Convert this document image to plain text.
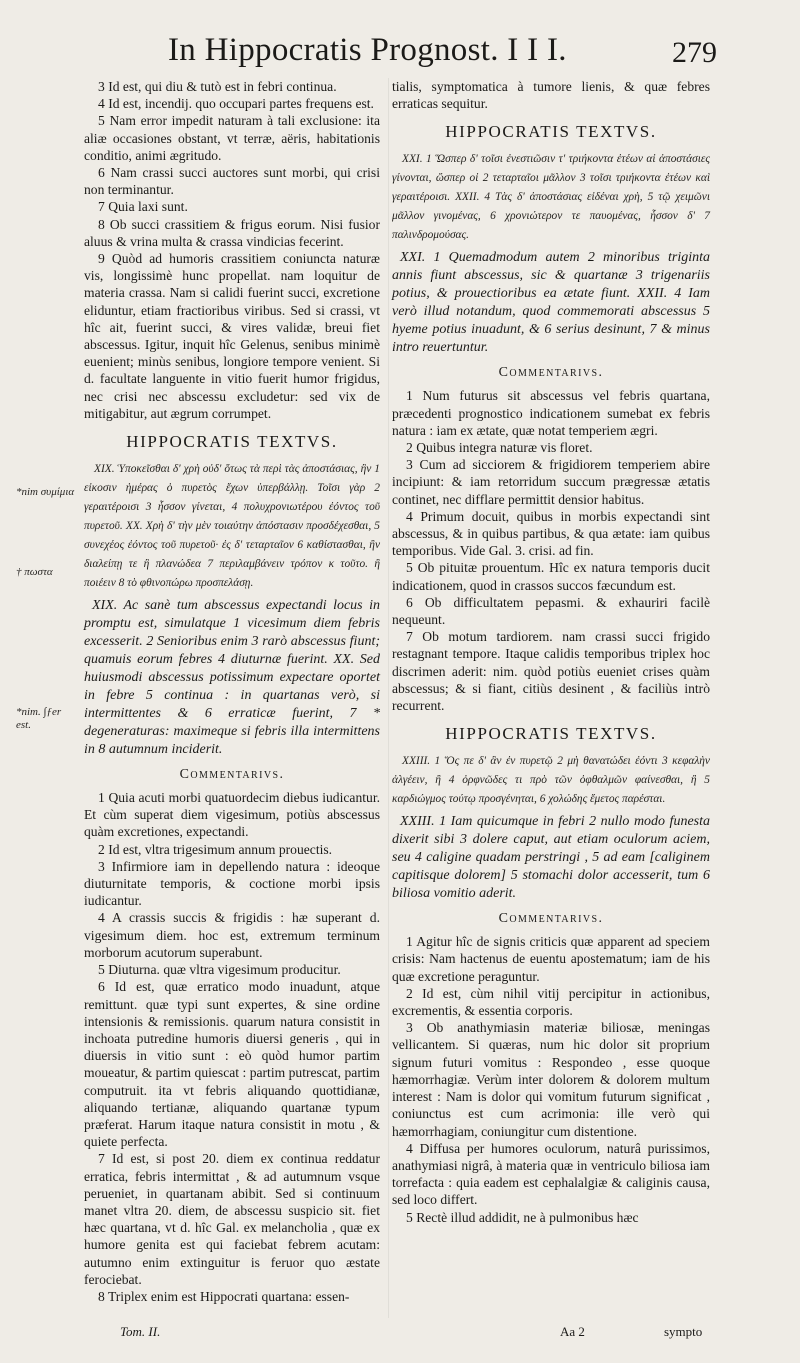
In Hippocratis Prognost. I I I.	279
*nim συμίμια
† πωστα
*nim. ∫ƒer est.

3 Id est, qui diu & tutò est in febri continua.

4 Id est, incendij. quo occupari partes frequens est.

5 Nam error impedit naturam à tali exclusione: ita aliæ occasiones obstant, vt terræ, aëris, habitationis conditio, animi ægritudo.

6 Nam crassi succi auctores sunt morbi, qui crisi non terminantur.

7 Quia laxi sunt.

8 Ob succi crassitiem & frigus eorum. Nisi fusior aluus & vrina multa & crassa vindicias fecerint.

9 Quòd ad humoris crassitiem coniuncta naturæ vis, longissimè hunc propellat. nam loquitur de materia crassa. Nam si calidi fuerint succi, excretione eliduntur, etiam fractioribus viribus. Sed si crassi, vt hîc ait, fuerint succi, & vires validæ, breui fiet abscessus. Igitur, inquit hîc Gelenus, senibus minimè euenient; minùs senibus, longiore tempore venient. Si d. facultate languente in vitio fuerit humor frigidus, nec crisi nec abscessu excludetur: sed vix de mitigabitur, aut ægrum corrumpet.

HIPPOCRATIS TEXTVS.

XIX. Ὑποκεῖσθαι δ' χρὴ οὐδ' ὅτως τὰ περὶ τὰς ἀποστάσιας, ἢν 1 εἰκοσιν ἡμέρας ὁ πυρετὸς ἔχων ὑπερβάλλῃ. Τοῖσι γὰρ 2 γεραιτέροισι 3 ἧσσον γίνεται, 4 πολυχρονιωτέρου ἐόντος τοῦ πυρετοῦ. XX. Χρὴ δ' τὴν μὲν τοιαύτην ἀπόστασιν προσδέχεσθαι, 5 συνεχέος ἐόντος τοῦ πυρετοῦ· ἐς δ' τεταρταῖον 6 καθίστασθαι, ἢν διαλείπῃ τε ἢ πλανώδεα 7 περιλαμβάνειν τρόπον κ τοῦτο. ἢ ποιέειν 8 τὸ φθινοπώρω προσπελάσῃ.

XIX. Ac sanè tum abscessus expectandi locus in promptu est, simulatque 1 vicesimum diem febris excesserit. 2 Senioribus enim 3 rarò abscessus fiunt; quamuis eorum febres 4 diuturnæ fuerint. XX. Sed huiusmodi abscessus potissimum expectare oportet in febre 5 continua : in quartanas verò, si intermittentes & 6 erraticæ fuerint, 7 * degeneraturas: maximeque si febris illa intermittens in 8 autumnum inciderit.

Commentarivs.

1 Quia acuti morbi quatuordecim diebus iudicantur. Et cùm superat diem vigesimum, potiùs abscessus quàm excretiones, expectandi.

2 Id est, vltra trigesimum annum prouectis.

3 Infirmiore iam in depellendo natura : ideoque diuturnitate temporis, & coctione morbi ipsis iudicantur.

4 A crassis succis & frigidis : hæ superant d. vigesimum diem. hoc est, extremum terminum morborum acutorum superabunt.

5 Diuturna. quæ vltra vigesimum producitur.

6 Id est, quæ erratico modo inuadunt, atque remittunt. quæ typi sunt expertes, & sine ordine intensionis & remissionis. quarum natura consistit in inchoata putredine humoris diuersi generis , qui in diuersis in vitio sunt : eò quòd humor partim moueatur, & partim quiescat : partim putrescat, partim computruit. ita vt febris aliquando quottidianæ, aliquando tertianæ, aliquando quartanæ typum præferat. Harum itaque natura consistit in motu , & quiete perfecta.

7 Id est, si post 20. diem ex continua reddatur erratica, febris intermittat , & ad autumnum vsque perueniet, in quartanam abibit. Sed si continuum manet vltra 20. diem, de abscessu suspicio sit. fiet hæc quartana, vt d. hîc Gal. ex melancholia , quæ ex humore genita est qui faciebat febrem acutam: autumno enim extinguitur is feruor quo æstate ferociebat.

8 Triplex enim est Hippocrati quartana: essen-

tialis, symptomatica à tumore lienis, & quæ febres erraticas sequitur.

HIPPOCRATIS TEXTVS.

XXI. 1 Ὥσπερ δ' τοῖσι ἐνεστιῶσιν τ' τριήκοντα ἐτέων αἱ ἀποστάσιες γίνονται, ὥσπερ οἱ 2 τεταρταῖοι μᾶλλον 3 τοῖσι τριήκοντα ἐτέων καὶ γεραιτέροισι. XXII. 4 Τὰς δ' ἀποστάσιας εἰδέναι χρὴ, 5 τῷ χειμῶνι μᾶλλον γινομένας, 6 χρονιώτερον τε παυομένας, ἧσσον δ' 7 παλινδρομούσας.

XXI. 1 Quemadmodum autem 2 minoribus triginta annis fiunt abscessus, sic & quartanæ 3 trigenariis potius, & prouectioribus ea ætate fiunt. XXII. 4 Iam verò illud notandum, quod commemorati abscessus 5 hyeme potius inuadunt, & 6 serius desinunt, 7 & minus intro reuertuntur.

Commentarivs.

1 Num futurus sit abscessus vel febris quartana, præcedenti prognostico indicationem sumebat ex febris natura : iam ex ætate, quæ notat temperiem ægri.

2 Quibus integra naturæ vis floret.

3 Cum ad sicciorem & frigidiorem temperiem abire incipiunt: & iam retorridum succum prægressæ ætatis continet, nec difflare permittit densior habitus.

4 Primum docuit, quibus in morbis expectandi sint abscessus, & in quibus partibus, & qua ætate: iam quibus temporibus. Vide Gal. 3. crisi. ad fin.

5 Ob pituitæ prouentum. Hîc ex natura temporis ducit indicationem, quod in crassos succos fæcundum est.

6 Ob difficultatem pepasmi. & exhauriri facilè nequeunt.

7 Ob motum tardiorem. nam crassi succi frigido restagnant tempore. Itaque calidis temporibus triplex hoc discrimen aderit: nim. quòd potiùs eueniet crises quàm abscessus; & si fiant, citiùs desinent , & faciliùs intrò recurrent.

HIPPOCRATIS TEXTVS.

XXIII. 1 Ὅς πε δ' ἂν ἐν πυρετῷ 2 μὴ θανατώδει ἐόντι 3 κεφαλὴν ἀλγέειν, ἢ 4 ὀρφνῶδες τι πρὸ τῶν ὀφθαλμῶν φαίνεσθαι, ἢ 5 καρδιώγμος τούτῳ προσγένηται, 6 χολώδης ἔμετος παρέσται.

XXIII. 1 Iam quicumque in febri 2 nullo modo funesta dixerit sibi 3 dolere caput, aut etiam oculorum aciem, seu 4 caligine quadam perstringi , 5 ad eam [caliginem capitisque dolorem] 5 stomachi dolor accesserit, tum 6 biliosa vomitio aderit.

Commentarivs.

1 Agitur hîc de signis criticis quæ apparent ad speciem crisis: Nam hactenus de euentu apostematum; iam de his quæ excretione peraguntur.

2 Id est, cùm nihil vitij percipitur in actionibus, excrementis, & essentia corporis.

3 Ob anathymiasin materiæ biliosæ, meningas vellicantem. Si quæras, num hic dolor sit proprium signum futuri vomitus : Respondeo , esse quoque hæmorrhagiæ. Verùm inter dolorem & dolorem multum interest : Nam is dolor qui vomitum futurum significat , coniunctus est cum acrimonia: ille verò qui hæmorrhagiam, coniungitur cum distentione.

4 Diffusa per humores oculorum, naturâ purissimos, anathymiasi nigrâ, à materia quæ in ventriculo biliosa iam torrefacta : quia eadem est cephalalgiæ & caliginis causa, sed loco differt.

5 Rectè illud addidit, ne à pulmonibus hæc

Tom. II.	Aa 2	sympto
